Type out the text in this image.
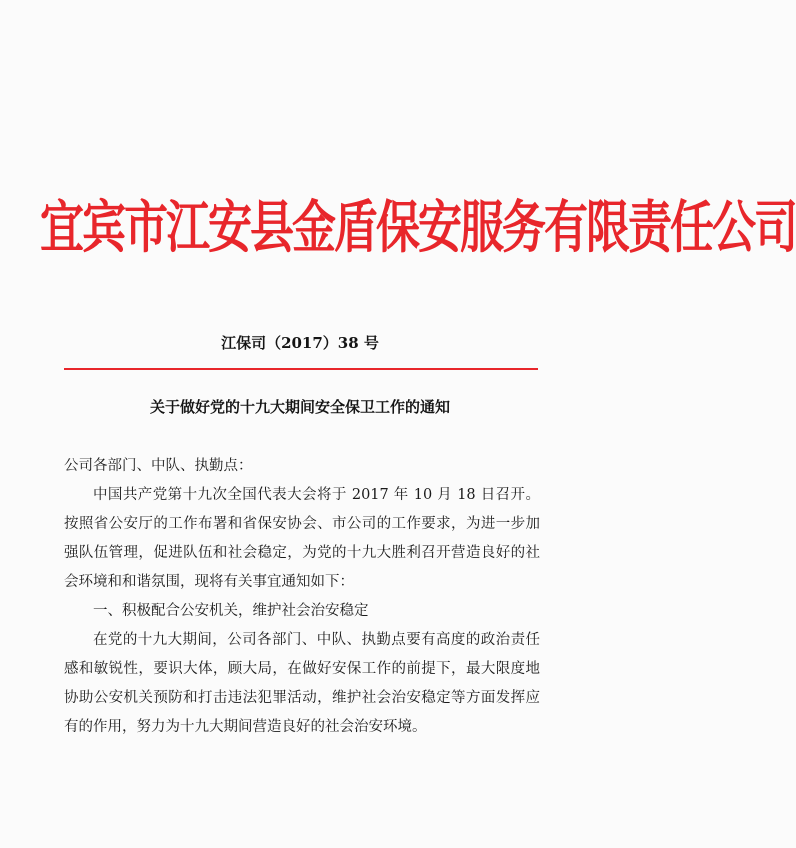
宜宾市江安县金盾保安服务有限责任公司
江保司（2017）38 号
关于做好党的十九大期间安全保卫工作的通知

公司各部门、中队、执勤点：

中国共产党第十九次全国代表大会将于 2017 年 10 月 18 日召开。按照省公安厅的工作布署和省保安协会、市公司的工作要求，为进一步加强队伍管理，促进队伍和社会稳定，为党的十九大胜利召开营造良好的社会环境和和谐氛围，现将有关事宜通知如下：

一、积极配合公安机关，维护社会治安稳定

在党的十九大期间，公司各部门、中队、执勤点要有高度的政治责任感和敏锐性，要识大体，顾大局，在做好安保工作的前提下，最大限度地协助公安机关预防和打击违法犯罪活动，维护社会治安稳定等方面发挥应有的作用，努力为十九大期间营造良好的社会治安环境。
